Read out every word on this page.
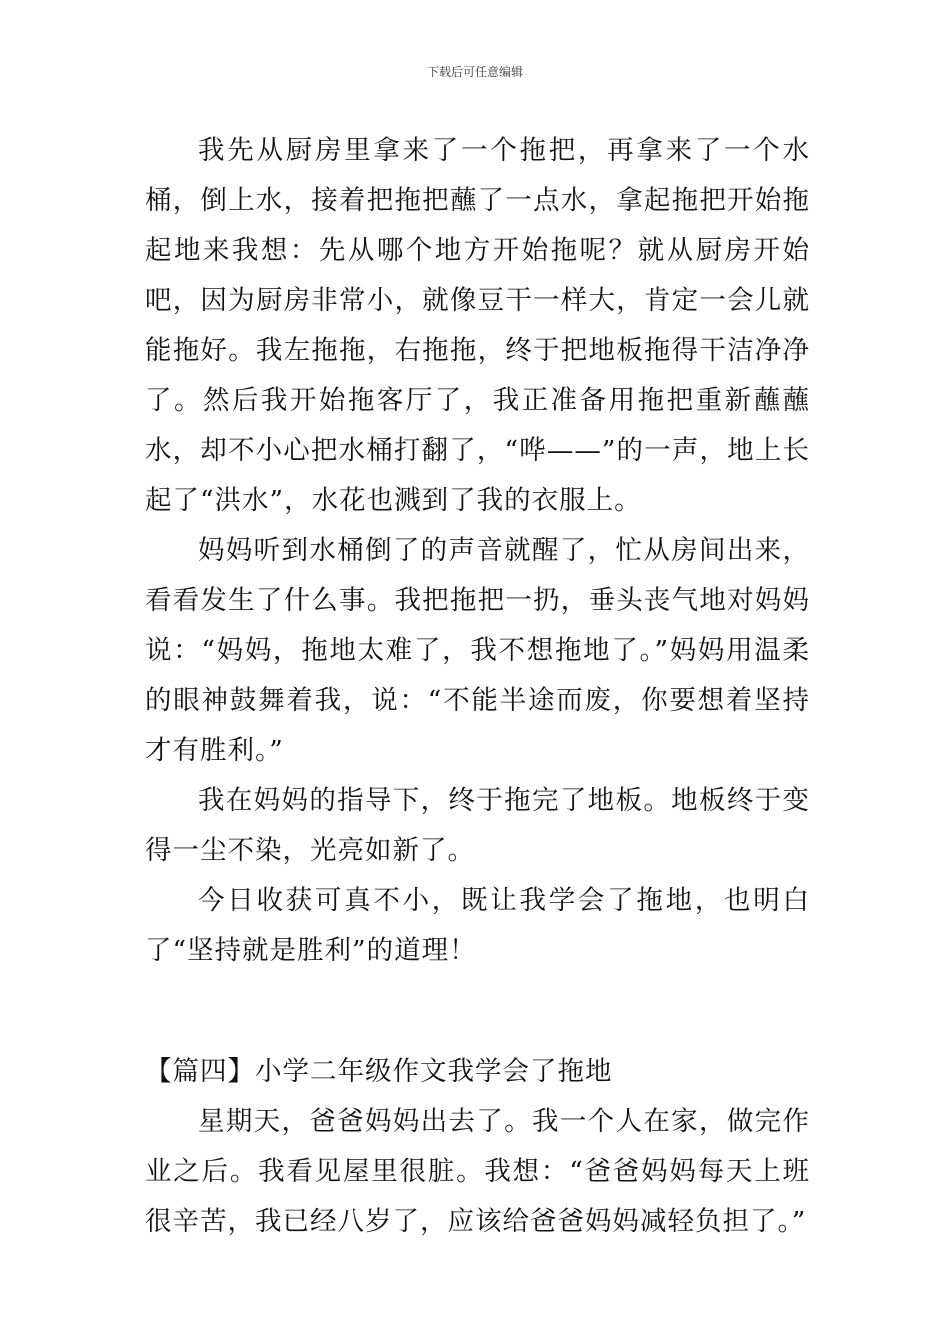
下载后可任意编辑

我先从厨房里拿来了一个拖把，再拿来了一个水桶，倒上水，接着把拖把蘸了一点水，拿起拖把开始拖起地来我想：先从哪个地方开始拖呢？就从厨房开始吧，因为厨房非常小，就像豆干一样大，肯定一会儿就能拖好。我左拖拖，右拖拖，终于把地板拖得干洁净净了。然后我开始拖客厅了，我正准备用拖把重新蘸蘸水，却不小心把水桶打翻了，“哗——”的一声，地上长起了“洪水”，水花也溅到了我的衣服上。

妈妈听到水桶倒了的声音就醒了，忙从房间出来，看看发生了什么事。我把拖把一扔，垂头丧气地对妈妈说：“妈妈，拖地太难了，我不想拖地了。”妈妈用温柔的眼神鼓舞着我，说：“不能半途而废，你要想着坚持才有胜利。”

我在妈妈的指导下，终于拖完了地板。地板终于变得一尘不染，光亮如新了。

今日收获可真不小，既让我学会了拖地，也明白了“坚持就是胜利”的道理！

【篇四】小学二年级作文我学会了拖地

星期天，爸爸妈妈出去了。我一个人在家，做完作业之后。我看见屋里很脏。我想：“爸爸妈妈每天上班很辛苦，我已经八岁了，应该给爸爸妈妈减轻负担了。”
